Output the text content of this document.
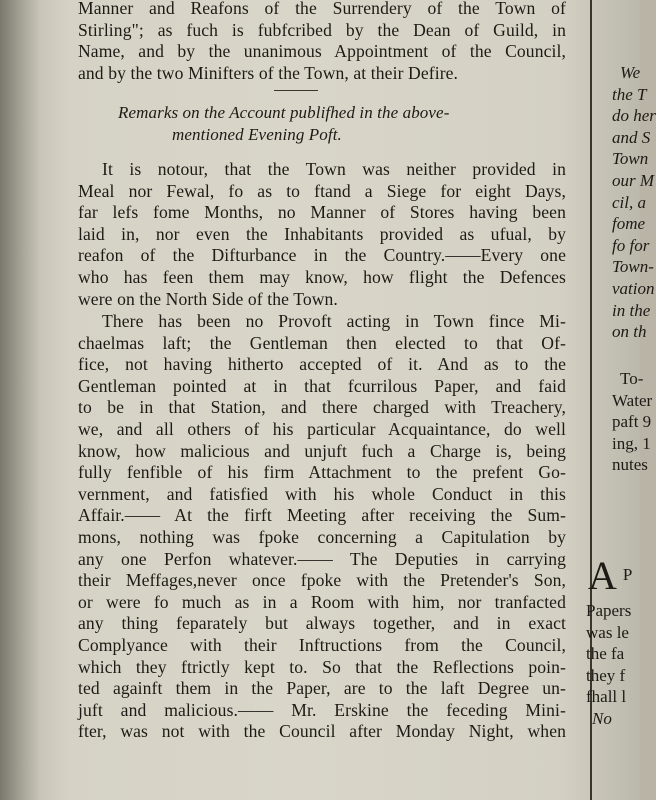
Manner and Reafons of the Surrendery of the Town of
Stirling"; as fuch is fubfcribed by the Dean of Guild, in
Name, and by the unanimous Appointment of the Council,
and by the two Minifters of the Town, at their Defire.
Remarks on the Account publifhed in the above-
mentioned Evening Poft.
It is notour, that the Town was neither provided in
Meal nor Fewal, fo as to ftand a Siege for eight Days,
far lefs fome Months, no Manner of Stores having been
laid in, nor even the Inhabitants provided as ufual, by
reafon of the Difturbance in the Country.——Every one
who has feen them may know, how flight the Defences
were on the North Side of the Town.
There has been no Provoft acting in Town fince Mi-
chaelmas laft; the Gentleman then elected to that Of-
fice, not having hitherto accepted of it. And as to the
Gentleman pointed at in that fcurrilous Paper, and faid
to be in that Station, and there charged with Treachery,
we, and all others of his particular Acquaintance, do well
know, how malicious and unjuft fuch a Charge is, being
fully fenfible of his firm Attachment to the prefent Go-
vernment, and fatisfied with his whole Conduct in this
Affair.—— At the firft Meeting after receiving the Sum-
mons, nothing was fpoke concerning a Capitulation by
any one Perfon whatever.—— The Deputies in carrying
their Meffages,never once fpoke with the Pretender's Son,
or were fo much as in a Room with him, nor tranfacted
any thing feparately but always together, and in exact
Complyance with their Inftructions from the Council,
which they ftrictly kept to. So that the Reflections poin-
ted againft them in the Paper, are to the laft Degree un-
juft and malicious.—— Mr. Erskine the feceding Mini-
fter, was not with the Council after Monday Night, when
We
the T
do her
and S
Town
our M
cil, a
fome
fo for
Town-
vation
in the
on th
To-
Water
paft 9
ing, 1
nutes
A P
Papers
was le
the fa
they f
fhall l
No
